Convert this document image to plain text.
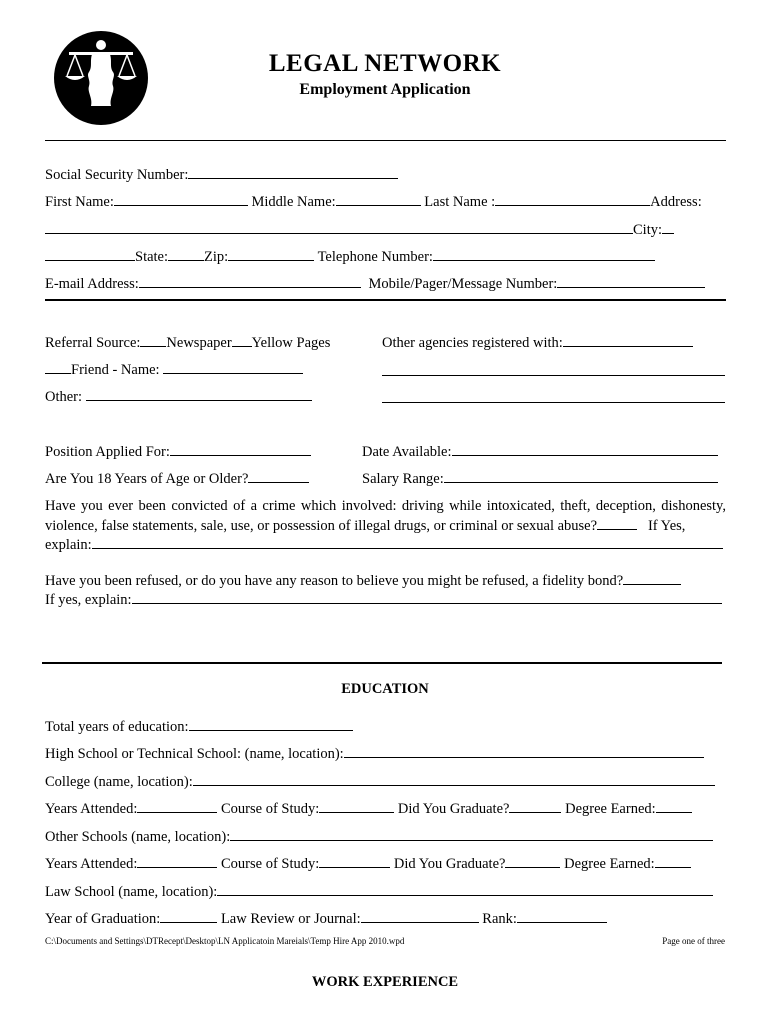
LEGAL NETWORK
Employment Application
Social Security Number:
First Name:	Middle Name:	Last Name :	Address:
City:
State: Zip:	Telephone Number:
E-mail Address:	Mobile/Pager/Message Number:
Referral Source: Newspaper Yellow Pages	Other agencies registered with:
Friend - Name:
Other:
Position Applied For:	Date Available:
Are You 18 Years of Age or Older?	Salary Range:
Have you ever been convicted of a crime which involved: driving while intoxicated, theft, deception, dishonesty, violence, false statements, sale, use, or possession of illegal drugs, or criminal or sexual abuse?	If Yes,
explain:
Have you been refused, or do you have any reason to believe you might be refused, a fidelity bond?
If yes, explain:
EDUCATION
Total years of education:
High School or Technical School: (name, location):
College (name, location):
Years Attended:	Course of Study:	Did You Graduate?	Degree Earned:
Other Schools (name, location):
Years Attended:	Course of Study:	Did You Graduate?	Degree Earned:
Law School (name, location):
Year of Graduation:	Law Review or Journal:	Rank:
C:\Documents and Settings\DTRecept\Desktop\LN Applicatoin Mareials\Temp Hire App 2010.wpd	Page one of three
WORK EXPERIENCE
